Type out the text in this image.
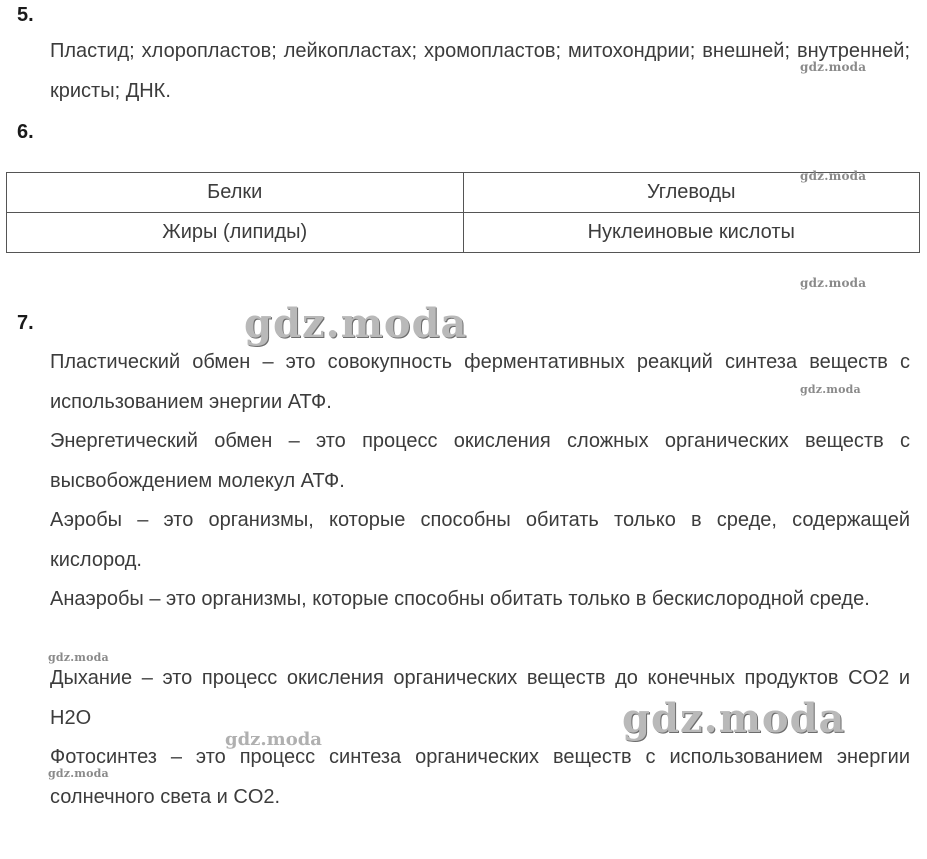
5.
Пластид; хлоропластов; лейкопластах; хромопластов; митохондрии; внешней; внутренней; кристы; ДНК.
6.
Белки	Углеводы
Жиры (липиды)	Нуклеиновые кислоты
7.
Пластический обмен – это совокупность ферментативных реакций синтеза веществ с использованием энергии АТФ.
Энергетический обмен – это процесс окисления сложных органических веществ с высвобождением молекул АТФ.
Аэробы – это организмы, которые способны обитать только в среде, содержащей кислород.
Анаэробы – это организмы, которые способны обитать только в бескислородной среде.
Дыхание – это процесс окисления органических веществ до конечных продуктов CO2 и H2O
Фотосинтез – это процесс синтеза органических веществ с использованием энергии солнечного света и CO2.
gdz.moda
gdz.moda
gdz.moda
gdz.moda
gdz.moda
gdz.moda
gdz.moda
gdz.moda
gdz.moda
